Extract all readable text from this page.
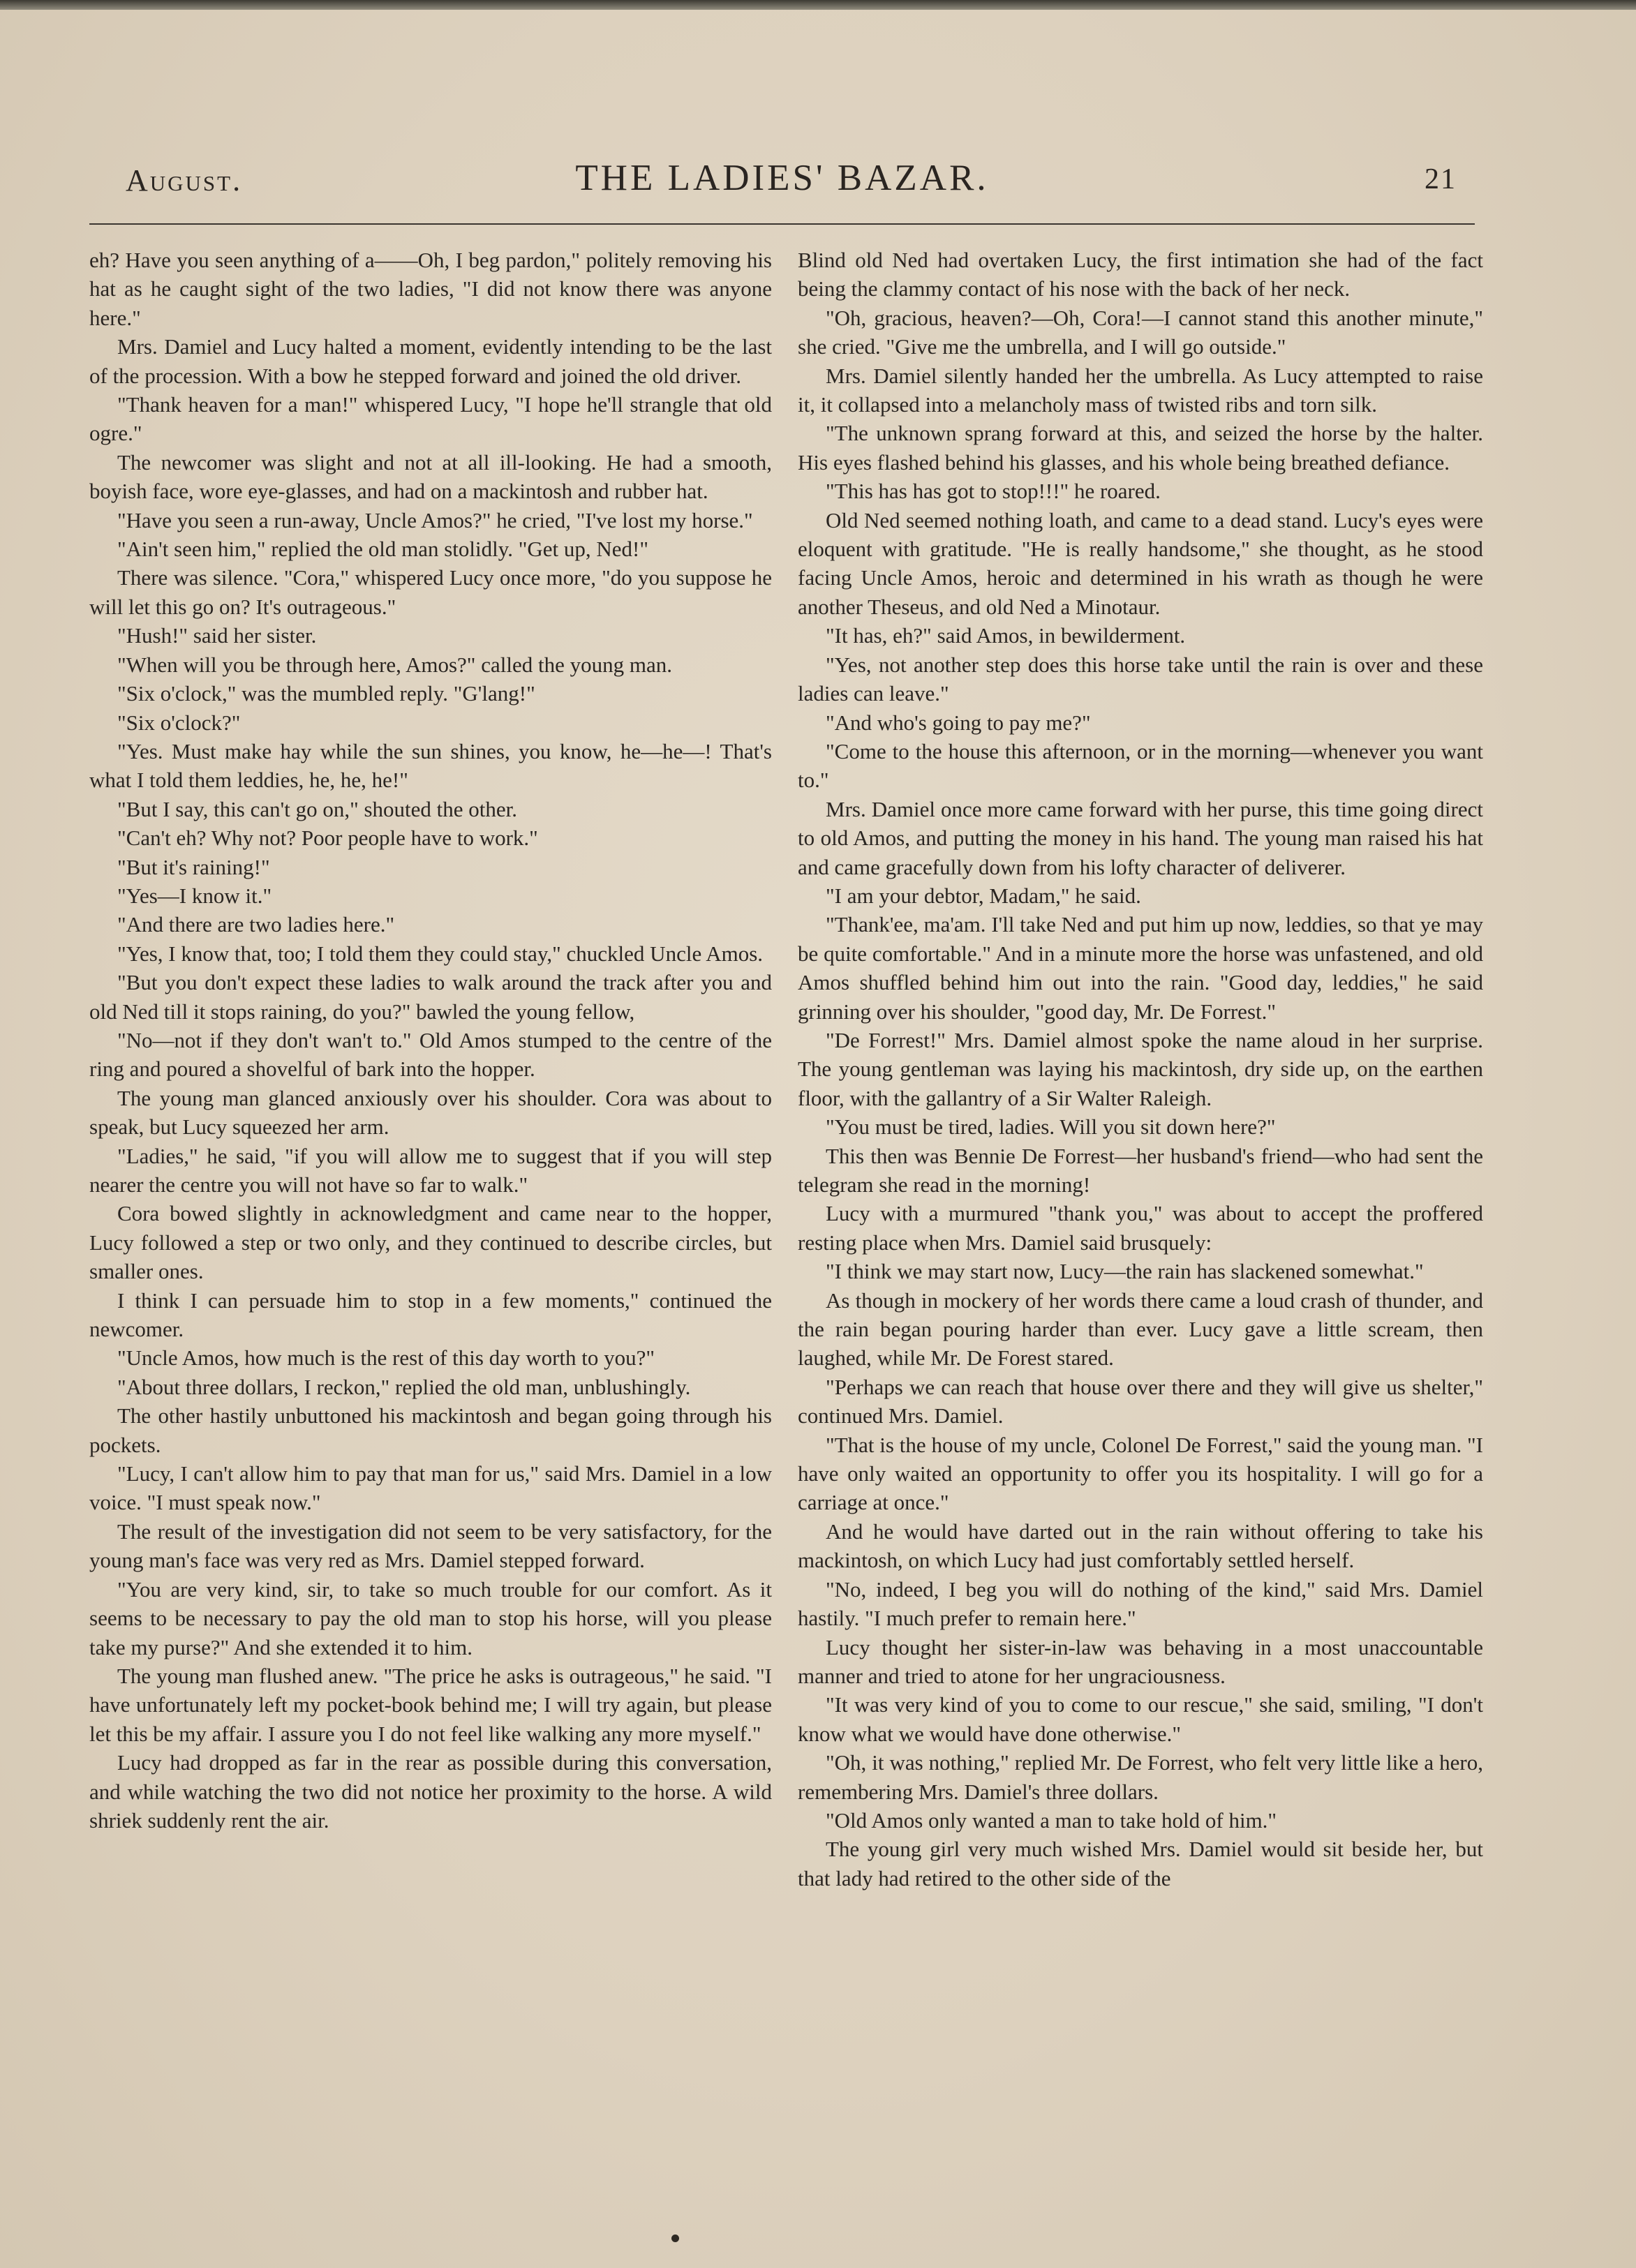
August.	THE LADIES' BAZAR.	21

eh? Have you seen anything of a——Oh, I beg pardon," politely removing his hat as he caught sight of the two ladies, "I did not know there was anyone here."

Mrs. Damiel and Lucy halted a moment, evidently intending to be the last of the procession. With a bow he stepped forward and joined the old driver.

"Thank heaven for a man!" whispered Lucy, "I hope he'll strangle that old ogre."

The newcomer was slight and not at all ill-looking. He had a smooth, boyish face, wore eye-glasses, and had on a mackintosh and rubber hat.

"Have you seen a run-away, Uncle Amos?" he cried, "I've lost my horse."

"Ain't seen him," replied the old man stolidly. "Get up, Ned!"

There was silence. "Cora," whispered Lucy once more, "do you suppose he will let this go on? It's outrageous."

"Hush!" said her sister.

"When will you be through here, Amos?" called the young man.

"Six o'clock," was the mumbled reply. "G'lang!"

"Six o'clock?"

"Yes. Must make hay while the sun shines, you know, he—he—! That's what I told them leddies, he, he, he!"

"But I say, this can't go on," shouted the other.

"Can't eh? Why not? Poor people have to work."

"But it's raining!"

"Yes—I know it."

"And there are two ladies here."

"Yes, I know that, too; I told them they could stay," chuckled Uncle Amos.

"But you don't expect these ladies to walk around the track after you and old Ned till it stops raining, do you?" bawled the young fellow,

"No—not if they don't wan't to." Old Amos stumped to the centre of the ring and poured a shovelful of bark into the hopper.

The young man glanced anxiously over his shoulder. Cora was about to speak, but Lucy squeezed her arm.

"Ladies," he said, "if you will allow me to suggest that if you will step nearer the centre you will not have so far to walk."

Cora bowed slightly in acknowledgment and came near to the hopper, Lucy followed a step or two only, and they continued to describe circles, but smaller ones.

I think I can persuade him to stop in a few moments," continued the newcomer.

"Uncle Amos, how much is the rest of this day worth to you?"

"About three dollars, I reckon," replied the old man, unblushingly.

The other hastily unbuttoned his mackintosh and began going through his pockets.

"Lucy, I can't allow him to pay that man for us," said Mrs. Damiel in a low voice. "I must speak now."

The result of the investigation did not seem to be very satisfactory, for the young man's face was very red as Mrs. Damiel stepped forward.

"You are very kind, sir, to take so much trouble for our comfort. As it seems to be necessary to pay the old man to stop his horse, will you please take my purse?" And she extended it to him.

The young man flushed anew. "The price he asks is outrageous," he said. "I have unfortunately left my pocket-book behind me; I will try again, but please let this be my affair. I assure you I do not feel like walking any more myself."

Lucy had dropped as far in the rear as possible during this conversation, and while watching the two did not notice her proximity to the horse. A wild shriek suddenly rent the air.

Blind old Ned had overtaken Lucy, the first intimation she had of the fact being the clammy contact of his nose with the back of her neck.

"Oh, gracious, heaven?—Oh, Cora!—I cannot stand this another minute," she cried. "Give me the umbrella, and I will go outside."

Mrs. Damiel silently handed her the umbrella. As Lucy attempted to raise it, it collapsed into a melancholy mass of twisted ribs and torn silk.

"The unknown sprang forward at this, and seized the horse by the halter. His eyes flashed behind his glasses, and his whole being breathed defiance.

"This has has got to stop!!!" he roared.

Old Ned seemed nothing loath, and came to a dead stand. Lucy's eyes were eloquent with gratitude. "He is really handsome," she thought, as he stood facing Uncle Amos, heroic and determined in his wrath as though he were another Theseus, and old Ned a Minotaur.

"It has, eh?" said Amos, in bewilderment.

"Yes, not another step does this horse take until the rain is over and these ladies can leave."

"And who's going to pay me?"

"Come to the house this afternoon, or in the morning—whenever you want to."

Mrs. Damiel once more came forward with her purse, this time going direct to old Amos, and putting the money in his hand. The young man raised his hat and came gracefully down from his lofty character of deliverer.

"I am your debtor, Madam," he said.

"Thank'ee, ma'am. I'll take Ned and put him up now, leddies, so that ye may be quite comfortable." And in a minute more the horse was unfastened, and old Amos shuffled behind him out into the rain. "Good day, leddies," he said grinning over his shoulder, "good day, Mr. De Forrest."

"De Forrest!" Mrs. Damiel almost spoke the name aloud in her surprise. The young gentleman was laying his mackintosh, dry side up, on the earthen floor, with the gallantry of a Sir Walter Raleigh.

"You must be tired, ladies. Will you sit down here?"

This then was Bennie De Forrest—her husband's friend—who had sent the telegram she read in the morning!

Lucy with a murmured "thank you," was about to accept the proffered resting place when Mrs. Damiel said brusquely:

"I think we may start now, Lucy—the rain has slackened somewhat."

As though in mockery of her words there came a loud crash of thunder, and the rain began pouring harder than ever. Lucy gave a little scream, then laughed, while Mr. De Forest stared.

"Perhaps we can reach that house over there and they will give us shelter," continued Mrs. Damiel.

"That is the house of my uncle, Colonel De Forrest," said the young man. "I have only waited an opportunity to offer you its hospitality. I will go for a carriage at once."

And he would have darted out in the rain without offering to take his mackintosh, on which Lucy had just comfortably settled herself.

"No, indeed, I beg you will do nothing of the kind," said Mrs. Damiel hastily. "I much prefer to remain here."

Lucy thought her sister-in-law was behaving in a most unaccountable manner and tried to atone for her ungraciousness.

"It was very kind of you to come to our rescue," she said, smiling, "I don't know what we would have done otherwise."

"Oh, it was nothing," replied Mr. De Forrest, who felt very little like a hero, remembering Mrs. Damiel's three dollars.

"Old Amos only wanted a man to take hold of him."

The young girl very much wished Mrs. Damiel would sit beside her, but that lady had retired to the other side of the
